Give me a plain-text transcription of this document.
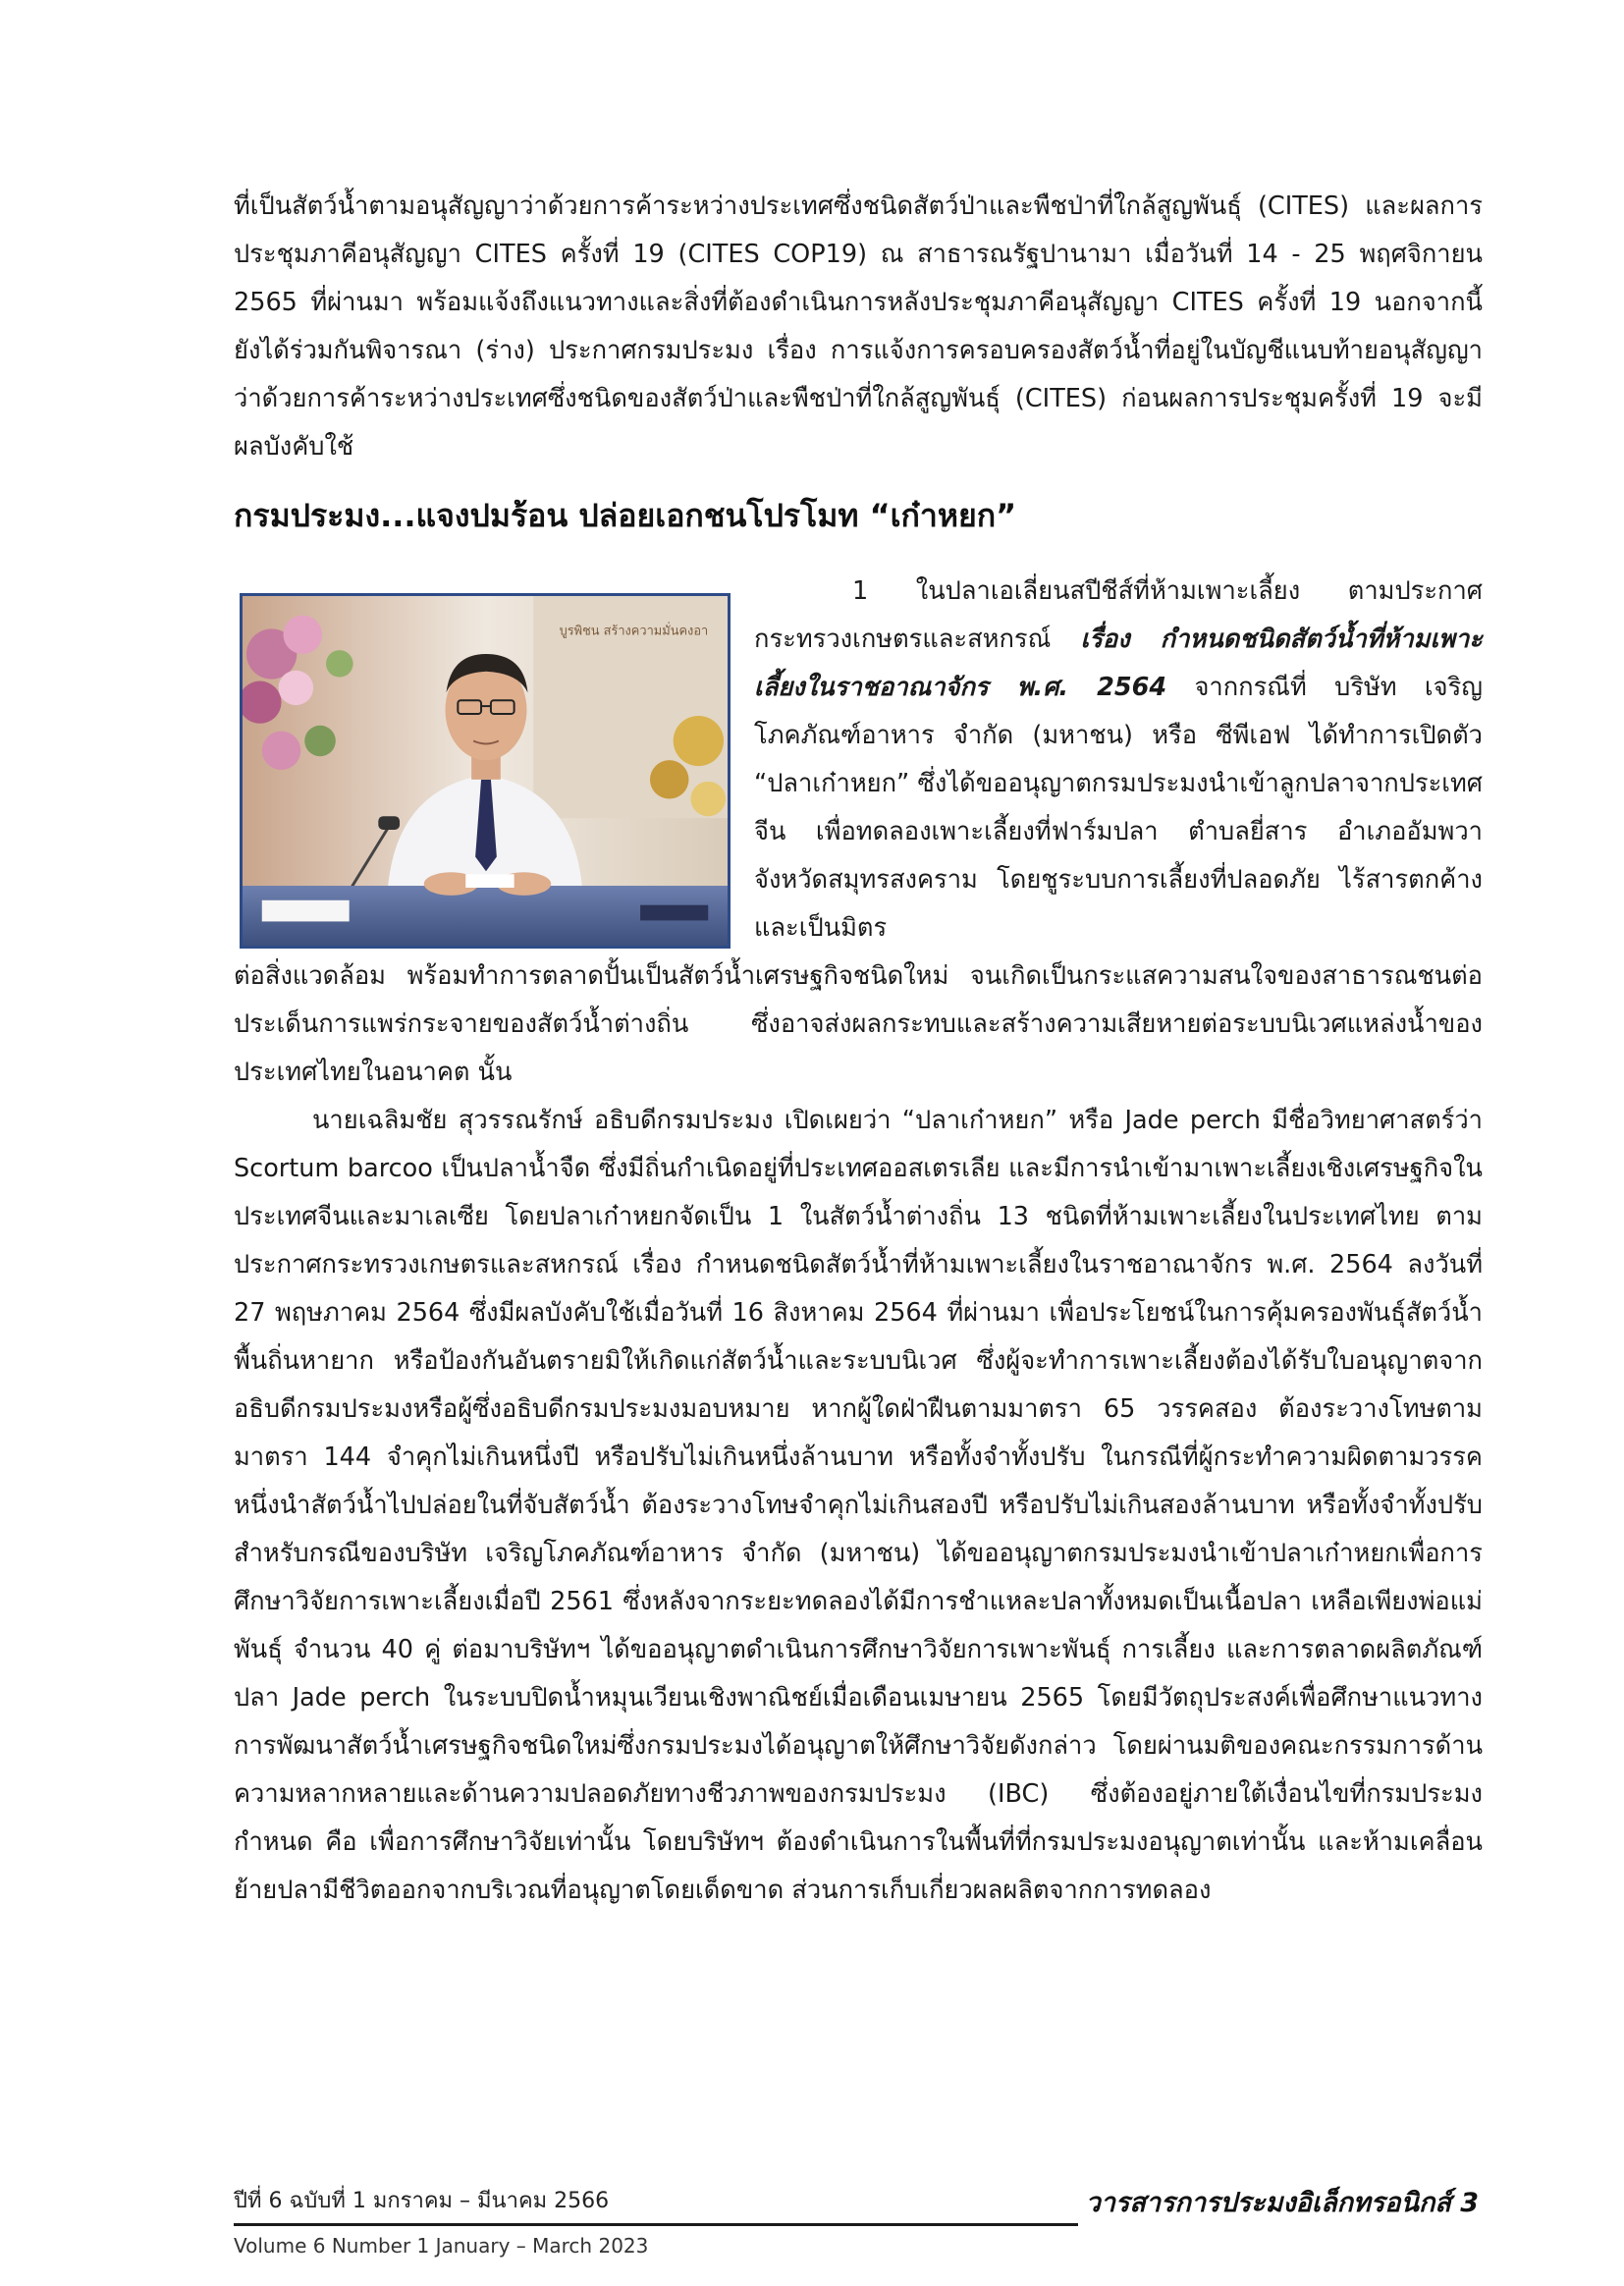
ที่เป็นสัตว์น้ำตามอนุสัญญาว่าด้วยการค้าระหว่างประเทศซึ่งชนิดสัตว์ป่าและพืชป่าที่ใกล้สูญพันธุ์ (CITES) และผลการประชุมภาคีอนุสัญญา CITES ครั้งที่ 19 (CITES COP19) ณ สาธารณรัฐปานามา เมื่อวันที่ 14 - 25 พฤศจิกายน 2565 ที่ผ่านมา พร้อมแจ้งถึงแนวทางและสิ่งที่ต้องดำเนินการหลังประชุมภาคีอนุสัญญา CITES ครั้งที่ 19 นอกจากนี้ ยังได้ร่วมกันพิจารณา (ร่าง) ประกาศกรมประมง เรื่อง การแจ้งการครอบครองสัตว์น้ำที่อยู่ในบัญชีแนบท้ายอนุสัญญาว่าด้วยการค้าระหว่างประเทศซึ่งชนิดของสัตว์ป่าและพืชป่าที่ใกล้สูญพันธุ์ (CITES) ก่อนผลการประชุมครั้งที่ 19 จะมีผลบังคับใช้

กรมประมง...แจงปมร้อน ปล่อยเอกชนโปรโมท “เก๋าหยก”
บูรพิชน สร้างความมั่นคงอา

1 ในปลาเอเลี่ยนสปีชีส์ที่ห้ามเพาะเลี้ยง ตามประกาศกระทรวงเกษตรและสหกรณ์ เรื่อง กำหนดชนิดสัตว์น้ำที่ห้ามเพาะเลี้ยงในราชอาณาจักร พ.ศ. 2564 จากกรณีที่ บริษัท เจริญโภคภัณฑ์อาหาร จำกัด (มหาชน) หรือ ซีพีเอฟ ได้ทำการเปิดตัว “ปลาเก๋าหยก” ซึ่งได้ขออนุญาตกรมประมงนำเข้าลูกปลาจากประเทศจีน เพื่อทดลองเพาะเลี้ยงที่ฟาร์มปลา ตำบลยี่สาร อำเภออัมพวา จังหวัดสมุทรสงคราม โดยชูระบบการเลี้ยงที่ปลอดภัย ไร้สารตกค้าง และเป็นมิตร

ต่อสิ่งแวดล้อม พร้อมทำการตลาดปั้นเป็นสัตว์น้ำเศรษฐกิจชนิดใหม่ จนเกิดเป็นกระแสความสนใจของสาธารณชนต่อประเด็นการแพร่กระจายของสัตว์น้ำต่างถิ่น ซึ่งอาจส่งผลกระทบและสร้างความเสียหายต่อระบบนิเวศแหล่งน้ำของประเทศไทยในอนาคต นั้น

นายเฉลิมชัย สุวรรณรักษ์ อธิบดีกรมประมง เปิดเผยว่า “ปลาเก๋าหยก” หรือ Jade perch มีชื่อวิทยาศาสตร์ว่า Scortum barcoo เป็นปลาน้ำจืด ซึ่งมีถิ่นกำเนิดอยู่ที่ประเทศออสเตรเลีย และมีการนำเข้ามาเพาะเลี้ยงเชิงเศรษฐกิจในประเทศจีนและมาเลเซีย โดยปลาเก๋าหยกจัดเป็น 1 ในสัตว์น้ำต่างถิ่น 13 ชนิดที่ห้ามเพาะเลี้ยงในประเทศไทย ตามประกาศกระทรวงเกษตรและสหกรณ์ เรื่อง กำหนดชนิดสัตว์น้ำที่ห้ามเพาะเลี้ยงในราชอาณาจักร พ.ศ. 2564 ลงวันที่ 27 พฤษภาคม 2564 ซึ่งมีผลบังคับใช้เมื่อวันที่ 16 สิงหาคม 2564 ที่ผ่านมา เพื่อประโยชน์ในการคุ้มครองพันธุ์สัตว์น้ำพื้นถิ่นหายาก หรือป้องกันอันตรายมิให้เกิดแก่สัตว์น้ำและระบบนิเวศ ซึ่งผู้จะทำการเพาะเลี้ยงต้องได้รับใบอนุญาตจากอธิบดีกรมประมงหรือผู้ซึ่งอธิบดีกรมประมงมอบหมาย หากผู้ใดฝ่าฝืนตามมาตรา 65 วรรคสอง ต้องระวางโทษตามมาตรา 144 จำคุกไม่เกินหนึ่งปี หรือปรับไม่เกินหนึ่งล้านบาท หรือทั้งจำทั้งปรับ ในกรณีที่ผู้กระทำความผิดตามวรรคหนึ่งนำสัตว์น้ำไปปล่อยในที่จับสัตว์น้ำ ต้องระวางโทษจำคุกไม่เกินสองปี หรือปรับไม่เกินสองล้านบาท หรือทั้งจำทั้งปรับ สำหรับกรณีของบริษัท เจริญโภคภัณฑ์อาหาร จำกัด (มหาชน) ได้ขออนุญาตกรมประมงนำเข้าปลาเก๋าหยกเพื่อการศึกษาวิจัยการเพาะเลี้ยงเมื่อปี 2561 ซึ่งหลังจากระยะทดลองได้มีการชำแหละปลาทั้งหมดเป็นเนื้อปลา เหลือเพียงพ่อแม่พันธุ์ จำนวน 40 คู่ ต่อมาบริษัทฯ ได้ขออนุญาตดำเนินการศึกษาวิจัยการเพาะพันธุ์ การเลี้ยง และการตลาดผลิตภัณฑ์ปลา Jade perch ในระบบปิดน้ำหมุนเวียนเชิงพาณิชย์เมื่อเดือนเมษายน 2565 โดยมีวัตถุประสงค์เพื่อศึกษาแนวทางการพัฒนาสัตว์น้ำเศรษฐกิจชนิดใหม่ซึ่งกรมประมงได้อนุญาตให้ศึกษาวิจัยดังกล่าว โดยผ่านมติของคณะกรรมการด้านความหลากหลายและด้านความปลอดภัยทางชีวภาพของกรมประมง (IBC) ซึ่งต้องอยู่ภายใต้เงื่อนไขที่กรมประมงกำหนด คือ เพื่อการศึกษาวิจัยเท่านั้น โดยบริษัทฯ ต้องดำเนินการในพื้นที่ที่กรมประมงอนุญาตเท่านั้น และห้ามเคลื่อนย้ายปลามีชีวิตออกจากบริเวณที่อนุญาตโดยเด็ดขาด ส่วนการเก็บเกี่ยวผลผลิตจากการทดลอง

ปีที่ 6 ฉบับที่ 1 มกราคม – มีนาคม 2566
Volume 6 Number 1 January – March 2023
วารสารการประมงอิเล็กทรอนิกส์ 3
